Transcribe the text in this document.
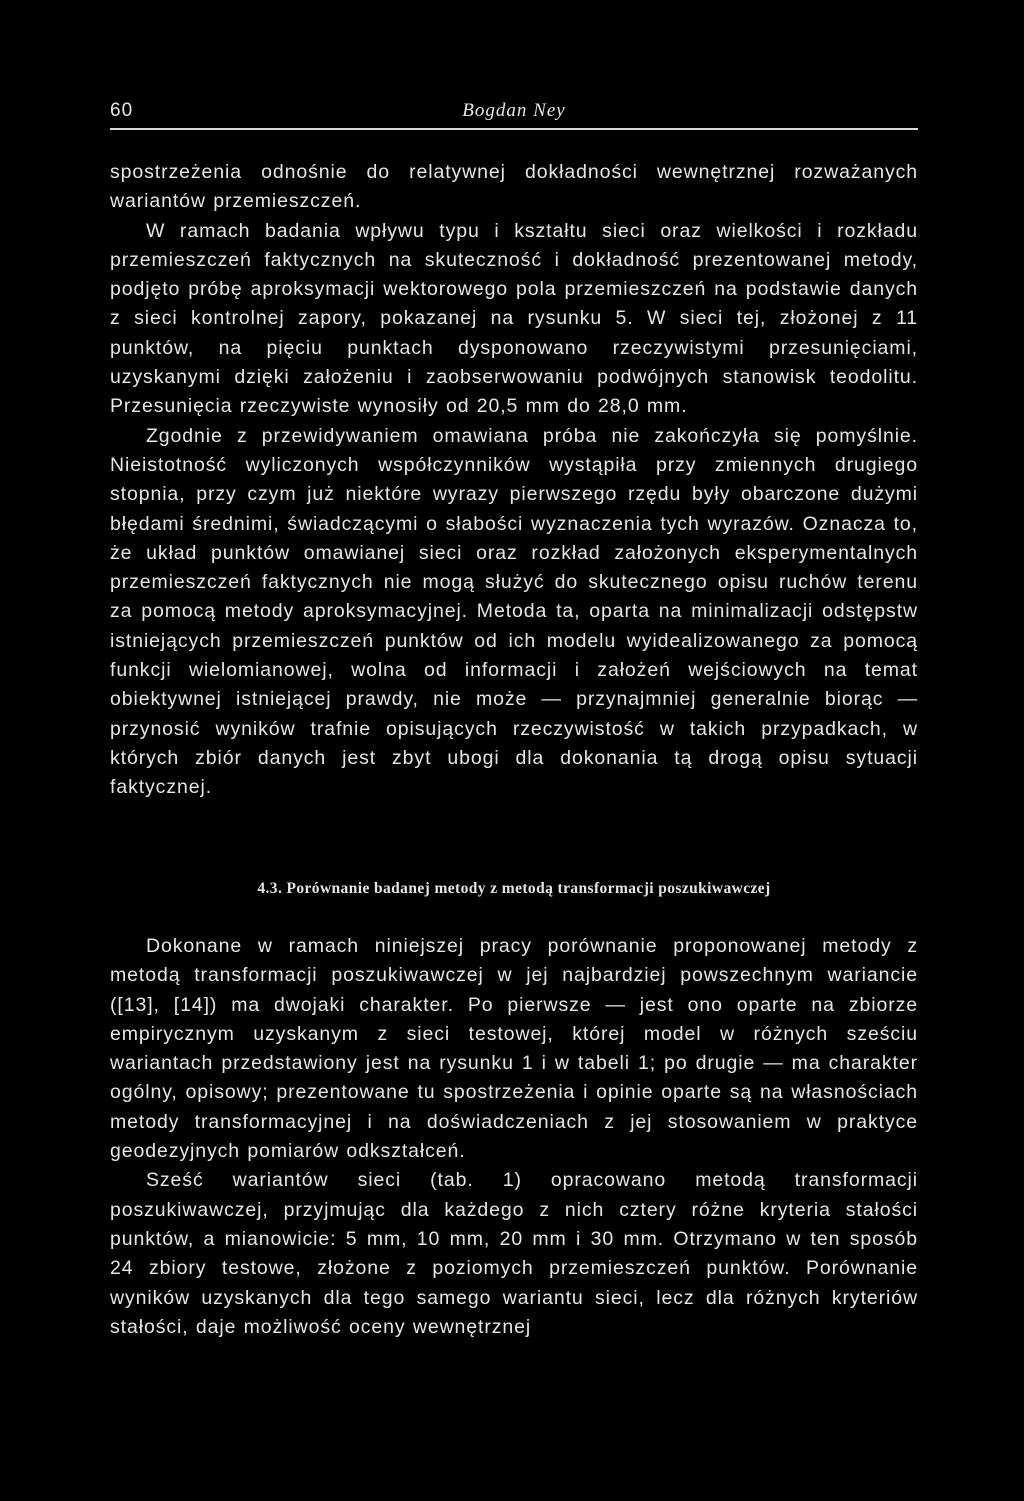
60	Bogdan Ney

spostrzeżenia odnośnie do relatywnej dokładności wewnętrznej rozważanych wariantów przemieszczeń.

W ramach badania wpływu typu i kształtu sieci oraz wielkości i rozkładu przemieszczeń faktycznych na skuteczność i dokładność prezentowanej metody, podjęto próbę aproksymacji wektorowego pola przemieszczeń na podstawie danych z sieci kontrolnej zapory, pokazanej na rysunku 5. W sieci tej, złożonej z 11 punktów, na pięciu punktach dysponowano rzeczywistymi przesunięciami, uzyskanymi dzięki założeniu i zaobserwowaniu podwójnych stanowisk teodolitu. Przesunięcia rzeczywiste wynosiły od 20,5 mm do 28,0 mm.

Zgodnie z przewidywaniem omawiana próba nie zakończyła się pomyślnie. Nieistotność wyliczonych współczynników wystąpiła przy zmiennych drugiego stopnia, przy czym już niektóre wyrazy pierwszego rzędu były obarczone dużymi błędami średnimi, świadczącymi o słabości wyznaczenia tych wyrazów. Oznacza to, że układ punktów omawianej sieci oraz rozkład założonych eksperymentalnych przemieszczeń faktycznych nie mogą służyć do skutecznego opisu ruchów terenu za pomocą metody aproksymacyjnej. Metoda ta, oparta na minimalizacji odstępstw istniejących przemieszczeń punktów od ich modelu wyidealizowanego za pomocą funkcji wielomianowej, wolna od informacji i założeń wejściowych na temat obiektywnej istniejącej prawdy, nie może — przynajmniej generalnie biorąc — przynosić wyników trafnie opisujących rzeczywistość w takich przypadkach, w których zbiór danych jest zbyt ubogi dla dokonania tą drogą opisu sytuacji faktycznej.

4.3. Porównanie badanej metody z metodą transformacji poszukiwawczej

Dokonane w ramach niniejszej pracy porównanie proponowanej metody z metodą transformacji poszukiwawczej w jej najbardziej powszechnym wariancie ([13], [14]) ma dwojaki charakter. Po pierwsze — jest ono oparte na zbiorze empirycznym uzyskanym z sieci testowej, której model w różnych sześciu wariantach przedstawiony jest na rysunku 1 i w tabeli 1; po drugie — ma charakter ogólny, opisowy; prezentowane tu spostrzeżenia i opinie oparte są na własnościach metody transformacyjnej i na doświadczeniach z jej stosowaniem w praktyce geodezyjnych pomiarów odkształceń.

Sześć wariantów sieci (tab. 1) opracowano metodą transformacji poszukiwawczej, przyjmując dla każdego z nich cztery różne kryteria stałości punktów, a mianowicie: 5 mm, 10 mm, 20 mm i 30 mm. Otrzymano w ten sposób 24 zbiory testowe, złożone z poziomych przemieszczeń punktów. Porównanie wyników uzyskanych dla tego samego wariantu sieci, lecz dla różnych kryteriów stałości, daje możliwość oceny wewnętrznej
